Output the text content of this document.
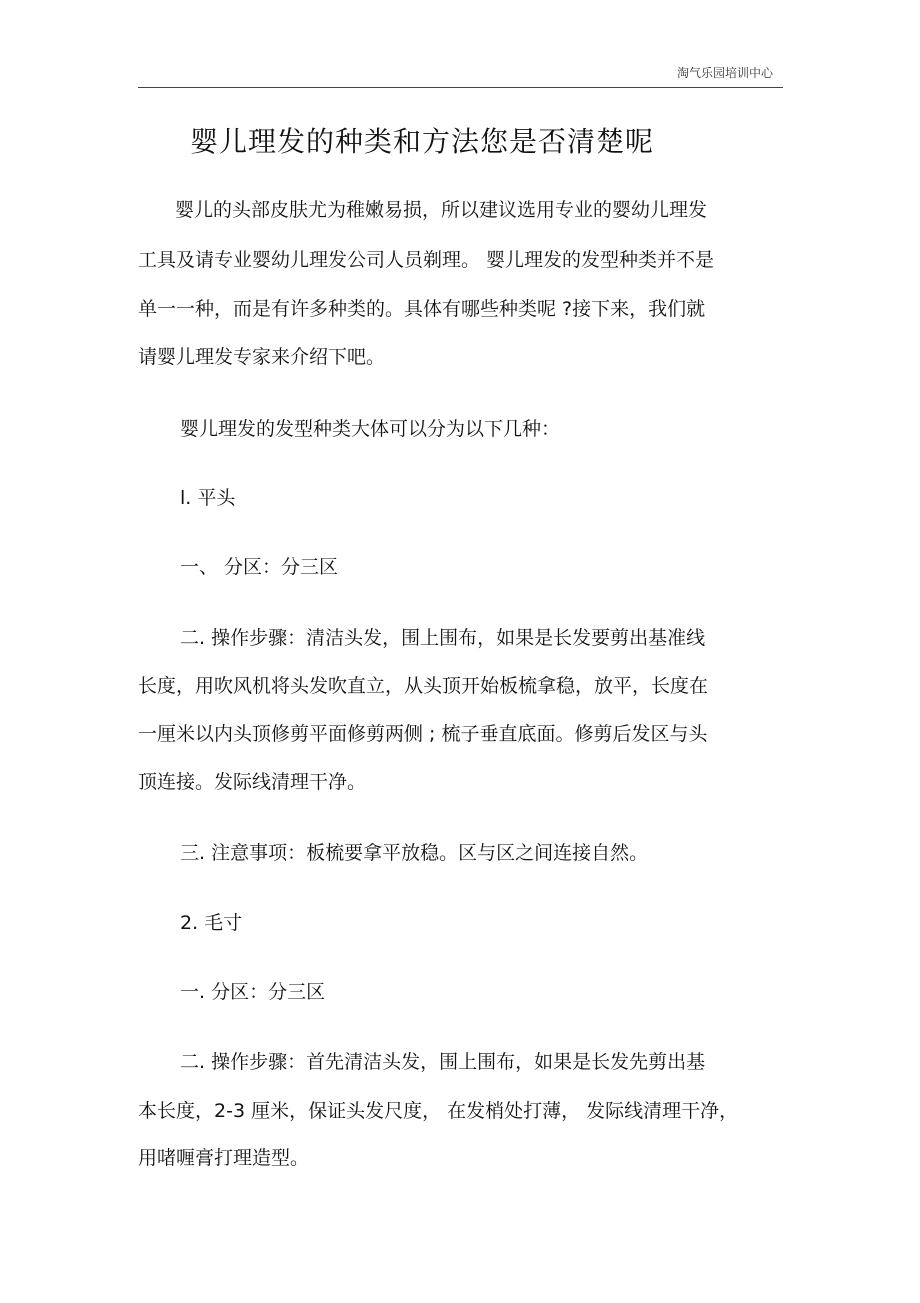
淘气乐园培训中心
婴儿理发的种类和方法您是否清楚呢
婴儿的头部皮肤尤为稚嫩易损，所以建议选用专业的婴幼儿理发
工具及请专业婴幼儿理发公司人员剃理。 婴儿理发的发型种类并不是
单一一种，而是有许多种类的。具体有哪些种类呢 ?接下来，我们就
请婴儿理发专家来介绍下吧。
婴儿理发的发型种类大体可以分为以下几种：
l. 平头
一、 分区：分三区
二. 操作步骤：清洁头发，围上围布，如果是长发要剪出基准线
长度，用吹风机将头发吹直立，从头顶开始板梳拿稳，放平，长度在
一厘米以内头顶修剪平面修剪两侧 ; 梳子垂直底面。修剪后发区与头
顶连接。发际线清理干净。
三. 注意事项：板梳要拿平放稳。区与区之间连接自然。
2. 毛寸
一. 分区：分三区
二. 操作步骤：首先清洁头发，围上围布，如果是长发先剪出基
本长度，2-3 厘米，保证头发尺度， 在发梢处打薄， 发际线清理干净，
用啫喱膏打理造型。
